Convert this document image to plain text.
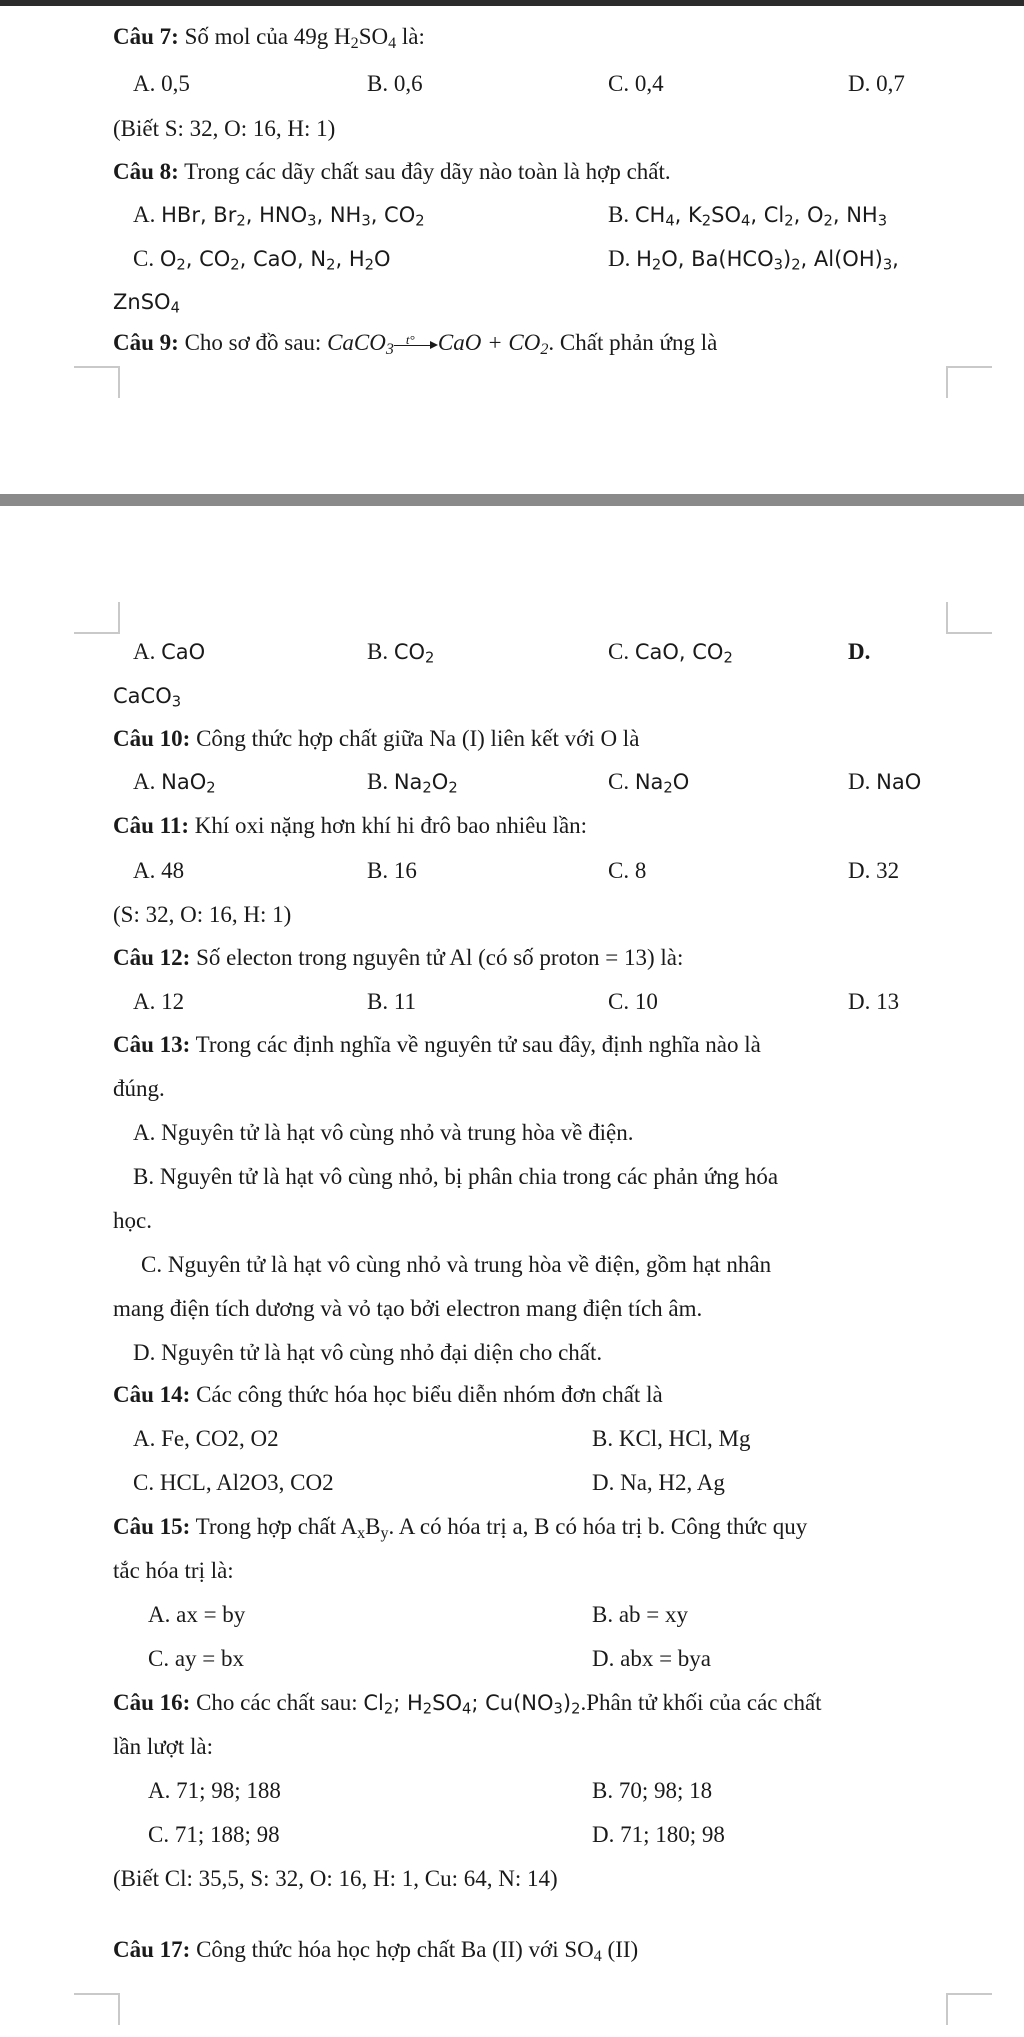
Câu 7: Số mol của 49g $H_2SO_4$ là:
A. 0,5	B. 0,6	C. 0,4	D. 0,7
(Biết S: 32, O: 16, H: 1)
Câu 8: Trong các dãy chất sau đây dãy nào toàn là hợp chất.
A. HBr, $Br_2$, $HNO_3$, $NH_3$, $CO_2$	B. $CH_4$, $K_2SO_4$, $Cl_2$, $O_2$, $NH_3$
C. $O_2$, $CO_2$, CaO, $N_2$, $H_2O$	D. $H_2O$, $Ba(HCO_3)_2$, $Al(OH)_3$,
ZnSO$_4$
Câu 9: Cho sơ đồ sau: CaCO$_3$
t° CaO + $CO_2$. Chất phản ứng là
A. CaO	B. $CO_2$	C. CaO, $CO_2$	D.
CaCO$_3$
Câu 10: Công thức hợp chất giữa Na (I) liên kết với O là
A. NaO$_2$	B. $Na_2O_2$	C. $Na_2O$	D. NaO
Câu 11: Khí oxi nặng hơn khí hi đrô bao nhiêu lần:
A. 48	B. 16	C. 8	D. 32
(S: 32, O: 16, H: 1)
Câu 12: Số electon trong nguyên tử Al (có số proton = 13) là:
A. 12	B. 11	C. 10	D. 13
Câu 13: Trong các định nghĩa về nguyên tử sau đây, định nghĩa nào là
đúng.
A. Nguyên tử là hạt vô cùng nhỏ và trung hòa về điện.
B. Nguyên tử là hạt vô cùng nhỏ, bị phân chia trong các phản ứng hóa
học.
C. Nguyên tử là hạt vô cùng nhỏ và trung hòa về điện, gồm hạt nhân
mang điện tích dương và vỏ tạo bởi electron mang điện tích âm.
D. Nguyên tử là hạt vô cùng nhỏ đại diện cho chất.
Câu 14: Các công thức hóa học biểu diễn nhóm đơn chất là
A. Fe, CO2, O2	B. KCl, HCl, Mg
C. HCL, Al2O3, CO2	D. Na, H2, Ag
Câu 15: Trong hợp chất $A_xB_y$. A có hóa trị a, B có hóa trị b. Công thức quy
tắc hóa trị là:
A. ax = by	B. ab = xy
C. ay = bx	D. abx = bya
Câu 16: Cho các chất sau: $Cl_2$; $H_2SO_4$; $Cu(NO_3)_2.Phân$ tử khối của các chất
lần lượt là:
A. 71; 98; 188	B. 70; 98; 18
C. 71; 188; 98	D. 71; 180; 98
(Biết Cl: 35,5, S: 32, O: 16, H: 1, Cu: 64, N: 14)
Câu 17: Công thức hóa học hợp chất Ba (II) với $SO_4$ (II)
